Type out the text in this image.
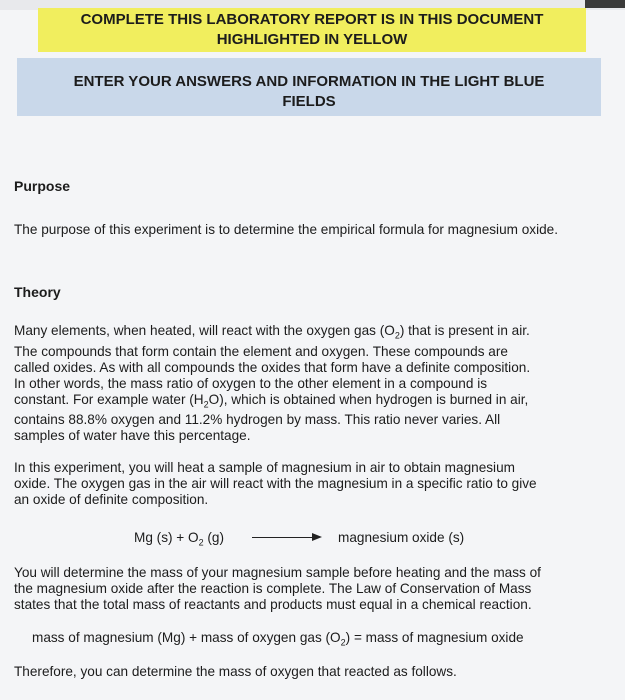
COMPLETE THIS LABORATORY REPORT IS IN THIS DOCUMENT
HIGHLIGHTED IN YELLOW
ENTER YOUR ANSWERS AND INFORMATION IN THE LIGHT BLUE
FIELDS
Purpose
The purpose of this experiment is to determine the empirical formula for magnesium oxide.
Theory
Many elements, when heated, will react with the oxygen gas $(O_2)$ that is present in air.
The compounds that form contain the element and oxygen. These compounds are
called oxides. As with all compounds the oxides that form have a definite composition.
In other words, the mass ratio of oxygen to the other element in a compound is
constant. For example water $(H_2O)$, which is obtained when hydrogen is burned in air,
contains 88.8% oxygen and 11.2% hydrogen by mass. This ratio never varies. All
samples of water have this percentage.
In this experiment, you will heat a sample of magnesium in air to obtain magnesium
oxide. The oxygen gas in the air will react with the magnesium in a specific ratio to give
an oxide of definite composition.
Mg $(s) + O_2$ (g)	magnesium oxide (s)
You will determine the mass of your magnesium sample before heating and the mass of
the magnesium oxide after the reaction is complete. The Law of Conservation of Mass
states that the total mass of reactants and products must equal in a chemical reaction.
mass of magnesium (Mg) + mass of oxygen gas $(O_2)$ = mass of magnesium oxide
Therefore, you can determine the mass of oxygen that reacted as follows.
